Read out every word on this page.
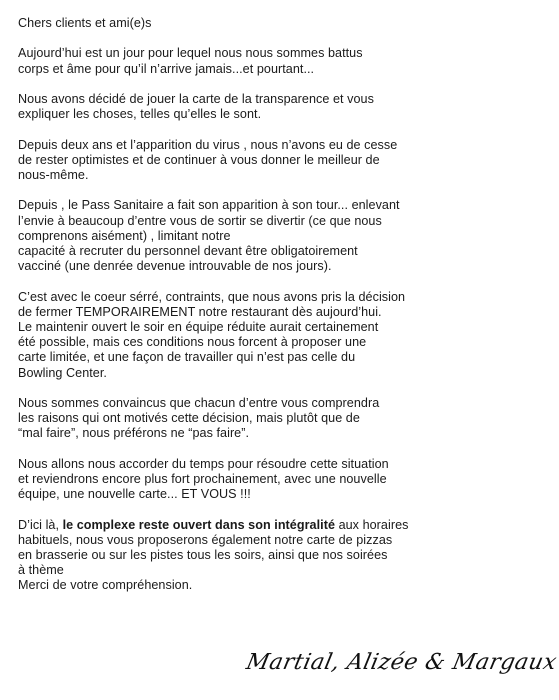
Chers clients et ami(e)s
Aujourd’hui est un jour pour lequel nous nous sommes battus
corps et âme pour qu’il n’arrive jamais...et pourtant...
Nous avons décidé de jouer la carte de la transparence et vous
expliquer les choses, telles qu’elles le sont.
Depuis deux ans et l’apparition du virus , nous n’avons eu de cesse
de rester optimistes et de continuer à vous donner le meilleur de
nous-même.
Depuis , le Pass Sanitaire a fait son apparition à son tour... enlevant
l’envie à beaucoup d’entre vous de sortir se divertir (ce que nous
comprenons aisément) , limitant notre
capacité à recruter du personnel devant être obligatoirement
vacciné (une denrée devenue introuvable de nos jours).
C’est avec le coeur sérré, contraints, que nous avons pris la décision
de fermer TEMPORAIREMENT notre restaurant dès aujourd’hui.
Le maintenir ouvert le soir en équipe réduite aurait certainement
été possible, mais ces conditions nous forcent à proposer une
carte limitée, et une façon de travailler qui n’est pas celle du
Bowling Center.
Nous sommes convaincus que chacun d’entre vous comprendra
les raisons qui ont motivés cette décision, mais plutôt que de
“mal faire”, nous préférons ne “pas faire”.
Nous allons nous accorder du temps pour résoudre cette situation
et reviendrons encore plus fort prochainement, avec une nouvelle
équipe, une nouvelle carte... ET VOUS !!!
D’ici là, le complexe reste ouvert dans son intégralité aux horaires
habituels, nous vous proposerons également notre carte de pizzas
en brasserie ou sur les pistes tous les soirs, ainsi que nos soirées
à thème
Merci de votre compréhension.
Martial, Alizée & Margaux
